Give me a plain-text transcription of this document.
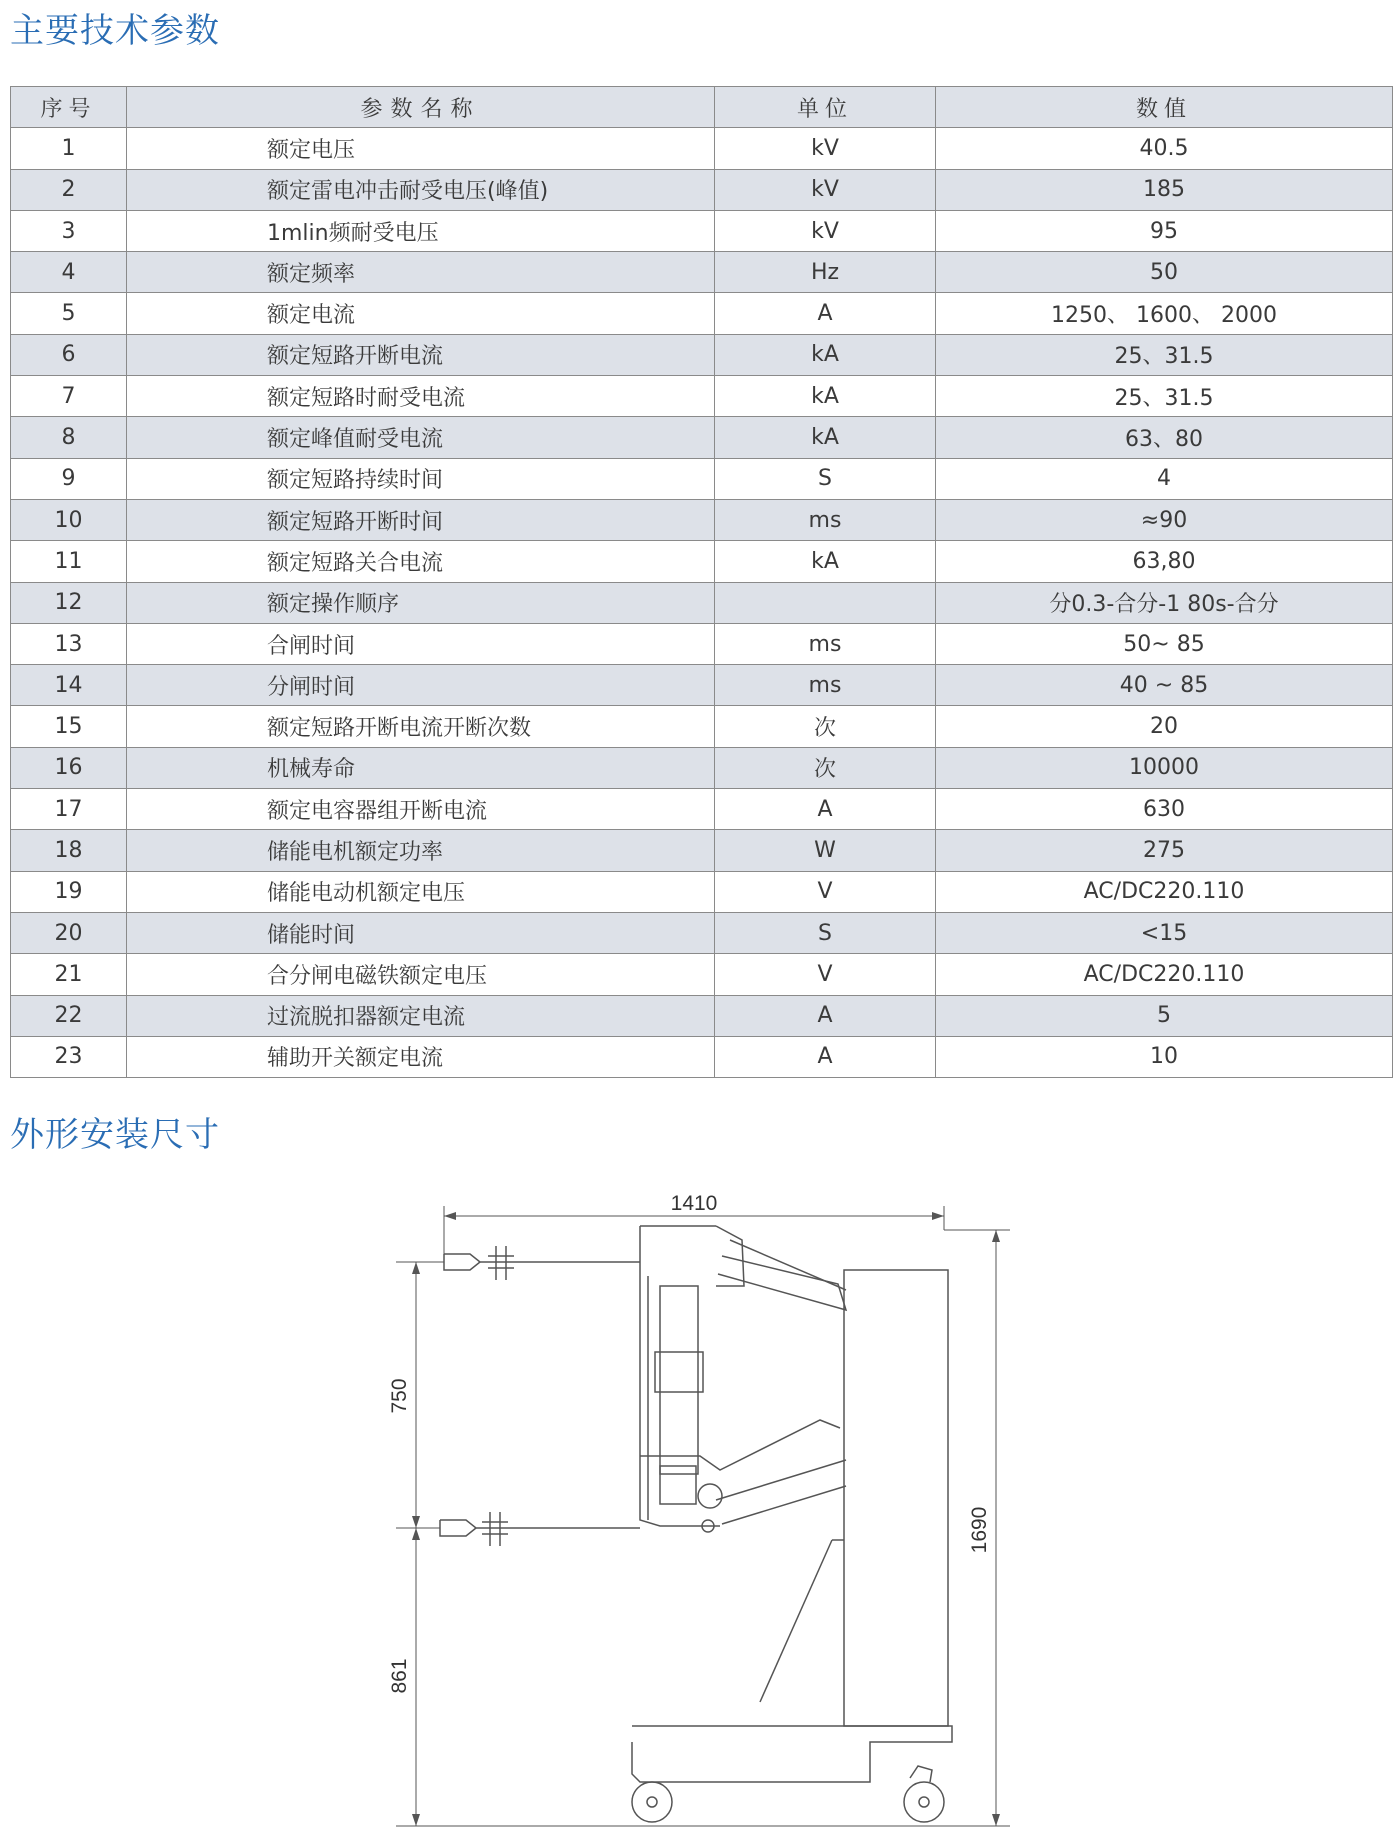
主要技术参数
序号	参数名称	单位	数值
1	额定电压	kV	40.5
2	额定雷电冲击耐受电压(峰值)	kV	185
3	1mlin频耐受电压	kV	95
4	额定频率	Hz	50
5	额定电流	A	1250、 1600、 2000
6	额定短路开断电流	kA	25、31.5
7	额定短路时耐受电流	kA	25、31.5
8	额定峰值耐受电流	kA	63、80
9	额定短路持续时间	S	4
10	额定短路开断时间	ms	≈90
11	额定短路关合电流	kA	63,80
12	额定操作顺序		分0.3-合分-1 80s-合分
13	合闸时间	ms	50~ 85
14	分闸时间	ms	40 ~ 85
15	额定短路开断电流开断次数	次	20
16	机械寿命	次	10000
17	额定电容器组开断电流	A	630
18	储能电机额定功率	W	275
19	储能电动机额定电压	V	AC/DC220.110
20	储能时间	S	<15
21	合分闸电磁铁额定电压	V	AC/DC220.110
22	过流脱扣器额定电流	A	5
23	辅助开关额定电流	A	10
外形安装尺寸
1410
750
861
1690
